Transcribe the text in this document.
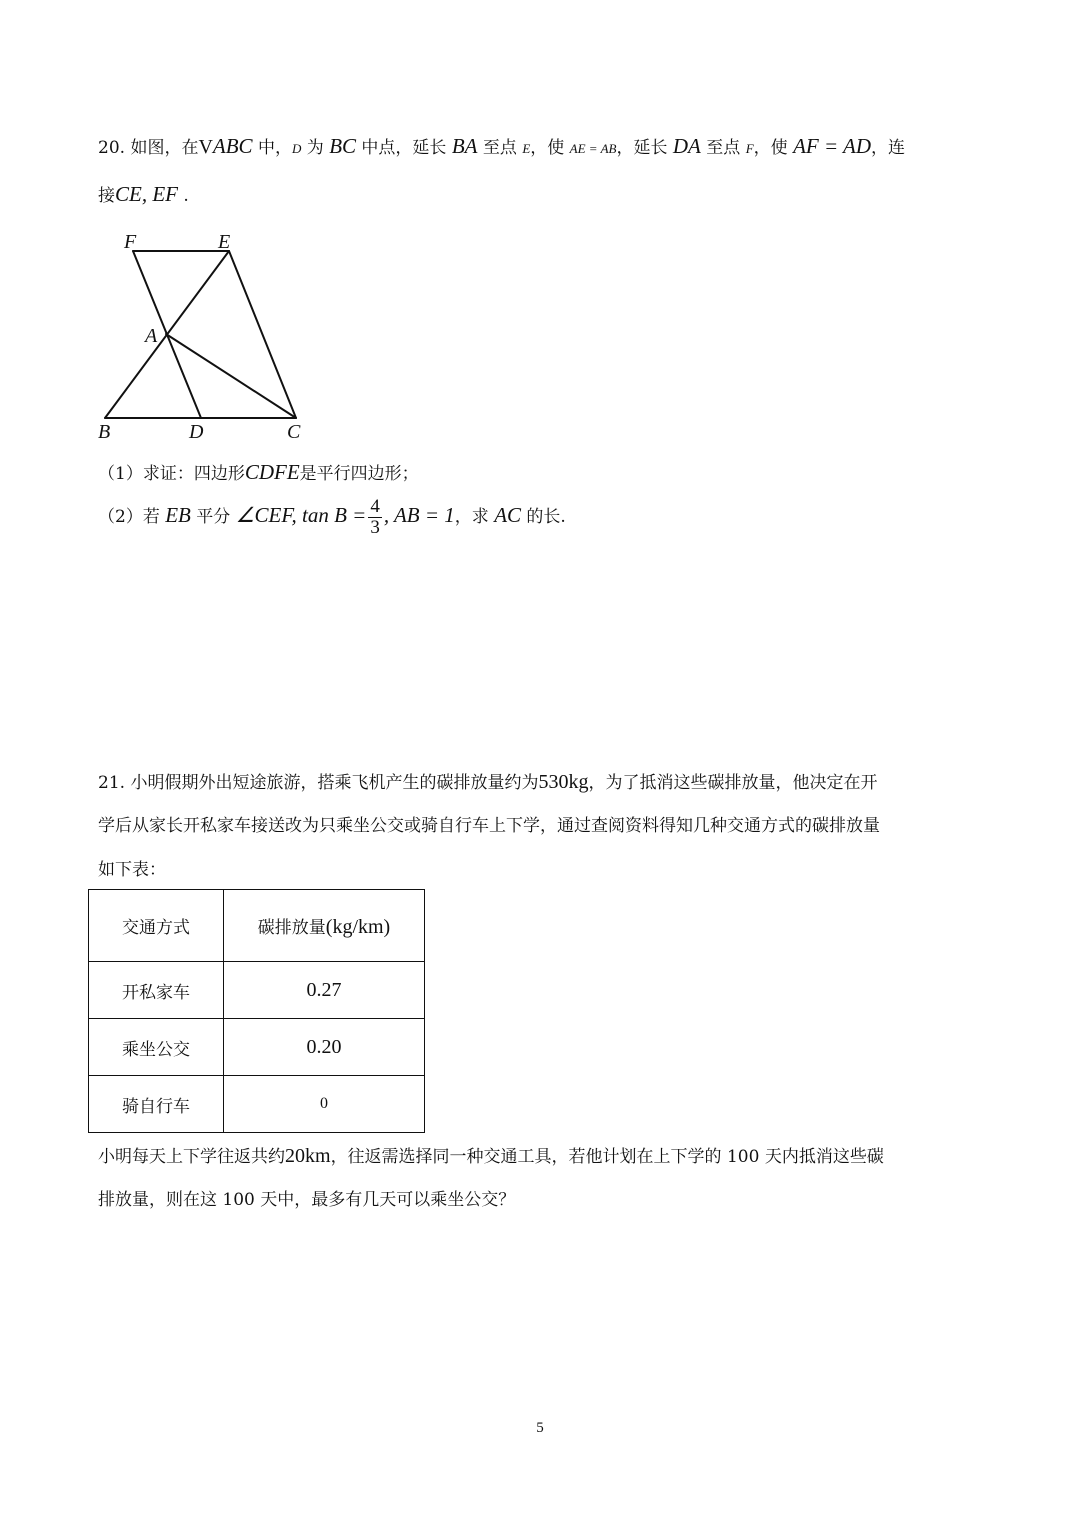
20. 如图，在VABC 中，D 为 BC 中点，延长 BA 至点 E，使 AE = AB，延长 DA 至点 F，使 AF = AD，连
接CE, EF .
F	E
A
B	D	C
（1）求证：四边形CDFE是平行四边形；
（2）若 EB 平分 ∠CEF, $\tan B = \frac{4}{3}$ , AB = 1，求 AC 的长.
21. 小明假期外出短途旅游，搭乘飞机产生的碳排放量约为530kg，为了抵消这些碳排放量，他决定在开
学后从家长开私家车接送改为只乘坐公交或骑自行车上下学，通过查阅资料得知几种交通方式的碳排放量
如下表：
交通方式	碳排放量(kg/km)
开私家车	0.27
乘坐公交	0.20
骑自行车	0
小明每天上下学往返共约20km，往返需选择同一种交通工具，若他计划在上下学的 100 天内抵消这些碳
排放量，则在这 100 天中，最多有几天可以乘坐公交？
5
